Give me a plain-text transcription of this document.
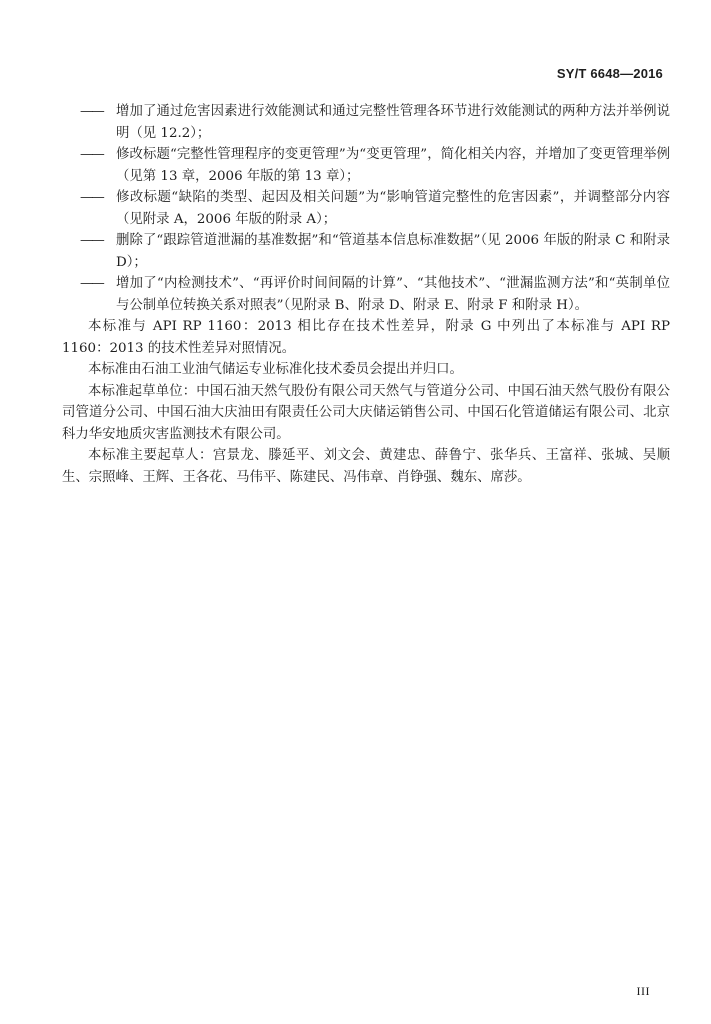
SY/T 6648—2016
—— 增加了通过危害因素进行效能测试和通过完整性管理各环节进行效能测试的两种方法并举例说明（见 12.2）；
—— 修改标题“完整性管理程序的变更管理”为“变更管理”，简化相关内容，并增加了变更管理举例（见第 13 章，2006 年版的第 13 章）；
—— 修改标题“缺陷的类型、起因及相关问题”为“影响管道完整性的危害因素”，并调整部分内容（见附录 A，2006 年版的附录 A）；
—— 删除了“跟踪管道泄漏的基准数据”和“管道基本信息标准数据”（见 2006 年版的附录 C 和附录 D）；
—— 增加了“内检测技术”、“再评价时间间隔的计算”、“其他技术”、“泄漏监测方法”和“英制单位与公制单位转换关系对照表”（见附录 B、附录 D、附录 E、附录 F 和附录 H）。
本标准与 API RP 1160：2013 相比存在技术性差异，附录 G 中列出了本标准与 API RP 1160：2013 的技术性差异对照情况。
本标准由石油工业油气储运专业标准化技术委员会提出并归口。
本标准起草单位：中国石油天然气股份有限公司天然气与管道分公司、中国石油天然气股份有限公司管道分公司、中国石油大庆油田有限责任公司大庆储运销售公司、中国石化管道储运有限公司、北京科力华安地质灾害监测技术有限公司。
本标准主要起草人：宫景龙、滕延平、刘文会、黄建忠、薛鲁宁、张华兵、王富祥、张城、吴顺生、宗照峰、王辉、王各花、马伟平、陈建民、冯伟章、肖铮强、魏东、席莎。
III
